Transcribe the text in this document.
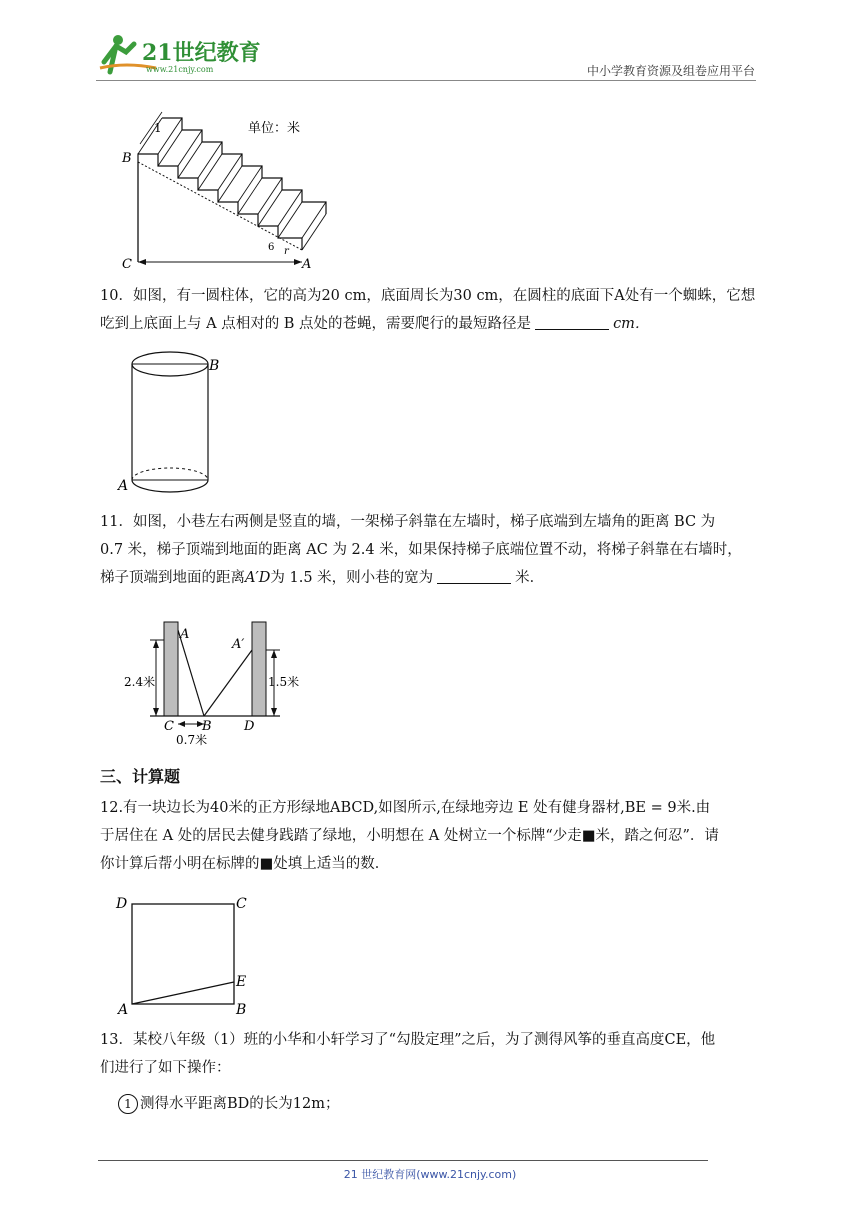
21世纪教育
www.21cnjy.com	中小学教育资源及组卷应用平台
1
B
C	A
6 r
单位：米
10．如图，有一圆柱体，它的高为20 cm，底面周长为30 cm，在圆柱的底面下A处有一个蜘蛛，它想吃到上底面上与 A 点相对的 B 点处的苍蝇，需要爬行的最短路径是	cm．
B
A
11．如图，小巷左右两侧是竖直的墙，一架梯子斜靠在左墙时，梯子底端到左墙角的距离 BC 为
0.7 米，梯子顶端到地面的距离 AC 为 2.4 米，如果保持梯子底端位置不动，将梯子斜靠在右墙时，
梯子顶端到地面的距离A′D为 1.5 米，则小巷的宽为	米．
A
A′
C B D
2.4米	1.5米
0.7米
三、计算题
12.有一块边长为40米的正方形绿地ABCD,如图所示,在绿地旁边 E 处有健身器材,BE = 9米.由
于居住在 A 处的居民去健身践踏了绿地，小明想在 A 处树立一个标牌“少走■米，踏之何忍”．请
你计算后帮小明在标牌的■处填上适当的数．
D	C
E
A	B
13．某校八年级（1）班的小华和小轩学习了“勾股定理”之后，为了测得风筝的垂直高度CE，他
们进行了如下操作：
1 测得水平距离BD的长为12m；
21 世纪教育网(www.21cnjy.com)
